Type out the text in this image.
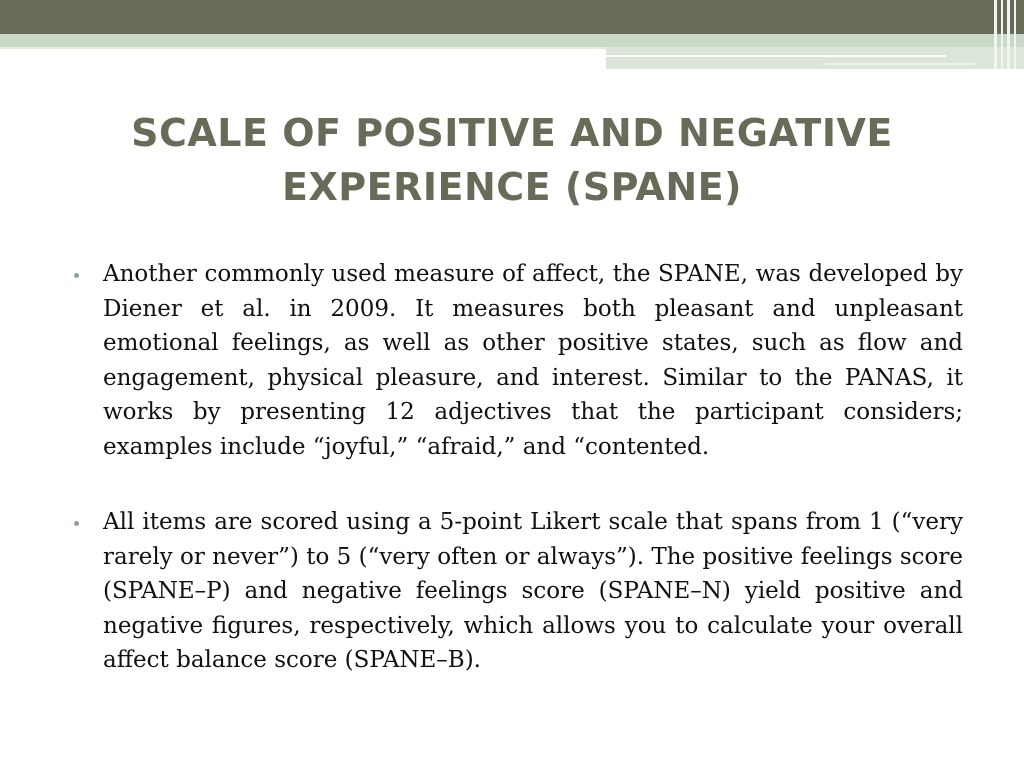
SCALE OF POSITIVE AND NEGATIVE
EXPERIENCE (SPANE)
Another commonly used measure of affect, the SPANE, was developed by Diener et al. in 2009. It measures both pleasant and unpleasant emotional feelings, as well as other positive states, such as flow and engagement, physical pleasure, and interest. Similar to the PANAS, it works by presenting 12 adjectives that the participant considers; examples include “joyful,” “afraid,” and “contented.
All items are scored using a 5-point Likert scale that spans from 1 (“very rarely or never”) to 5 (“very often or always”). The positive feelings score (SPANE–P) and negative feelings score (SPANE–N) yield positive and negative figures, respectively, which allows you to calculate your overall affect balance score (SPANE–B).
